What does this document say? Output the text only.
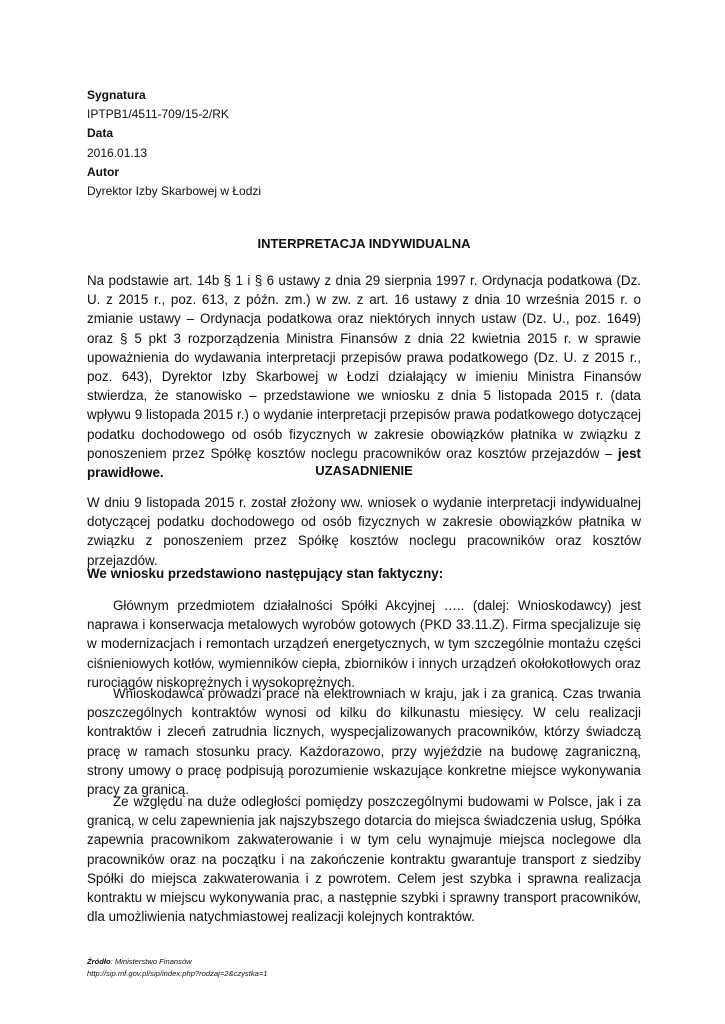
Sygnatura
IPTPB1/4511-709/15-2/RK
Data
2016.01.13
Autor
Dyrektor Izby Skarbowej w Łodzi
INTERPRETACJA INDYWIDUALNA

Na podstawie art. 14b § 1 i § 6 ustawy z dnia 29 sierpnia 1997 r. Ordynacja podatkowa (Dz. U. z 2015 r., poz. 613, z późn. zm.) w zw. z art. 16 ustawy z dnia 10 września 2015 r. o zmianie ustawy – Ordynacja podatkowa oraz niektórych innych ustaw (Dz. U., poz. 1649) oraz § 5 pkt 3 rozporządzenia Ministra Finansów z dnia 22 kwietnia 2015 r. w sprawie upoważnienia do wydawania interpretacji przepisów prawa podatkowego (Dz. U. z 2015 r., poz. 643), Dyrektor Izby Skarbowej w Łodzi działający w imieniu Ministra Finansów stwierdza, że stanowisko – przedstawione we wniosku z dnia 5 listopada 2015 r. (data wpływu 9 listopada 2015 r.) o wydanie interpretacji przepisów prawa podatkowego dotyczącej podatku dochodowego od osób fizycznych w zakresie obowiązków płatnika w związku z ponoszeniem przez Spółkę kosztów noclegu pracowników oraz kosztów przejazdów – jest prawidłowe.	UZASADNIENIE

W dniu 9 listopada 2015 r. został złożony ww. wniosek o wydanie interpretacji indywidualnej dotyczącej podatku dochodowego od osób fizycznych w zakresie obowiązków płatnika w związku z ponoszeniem przez Spółkę kosztów noclegu pracowników oraz kosztów przejazdów.

We wniosku przedstawiono następujący stan faktyczny:

Głównym przedmiotem działalności Spółki Akcyjnej ….. (dalej: Wnioskodawcy) jest naprawa i konserwacja metalowych wyrobów gotowych (PKD 33.11.Z). Firma specjalizuje się w modernizacjach i remontach urządzeń energetycznych, w tym szczególnie montażu części ciśnieniowych kotłów, wymienników ciepła, zbiorników i innych urządzeń okołokotłowych oraz rurociągów niskoprężnych i wysokoprężnych.

Wnioskodawca prowadzi prace na elektrowniach w kraju, jak i za granicą. Czas trwania poszczególnych kontraktów wynosi od kilku do kilkunastu miesięcy. W celu realizacji kontraktów i zleceń zatrudnia licznych, wyspecjalizowanych pracowników, którzy świadczą pracę w ramach stosunku pracy. Każdorazowo, przy wyjeździe na budowę zagraniczną, strony umowy o pracę podpisują porozumienie wskazujące konkretne miejsce wykonywania pracy za granicą.

Ze względu na duże odległości pomiędzy poszczególnymi budowami w Polsce, jak i za granicą, w celu zapewnienia jak najszybszego dotarcia do miejsca świadczenia usług, Spółka zapewnia pracownikom zakwaterowanie i w tym celu wynajmuje miejsca noclegowe dla pracowników oraz na początku i na zakończenie kontraktu gwarantuje transport z siedziby Spółki do miejsca zakwaterowania i z powrotem. Celem jest szybka i sprawna realizacja kontraktu w miejscu wykonywania prac, a następnie szybki i sprawny transport pracowników, dla umożliwienia natychmiastowej realizacji kolejnych kontraktów.

Źródło: Ministerstwo Finansów
http://sip.mf.gov.pl/sip/index.php?rodzaj=2&czystka=1
